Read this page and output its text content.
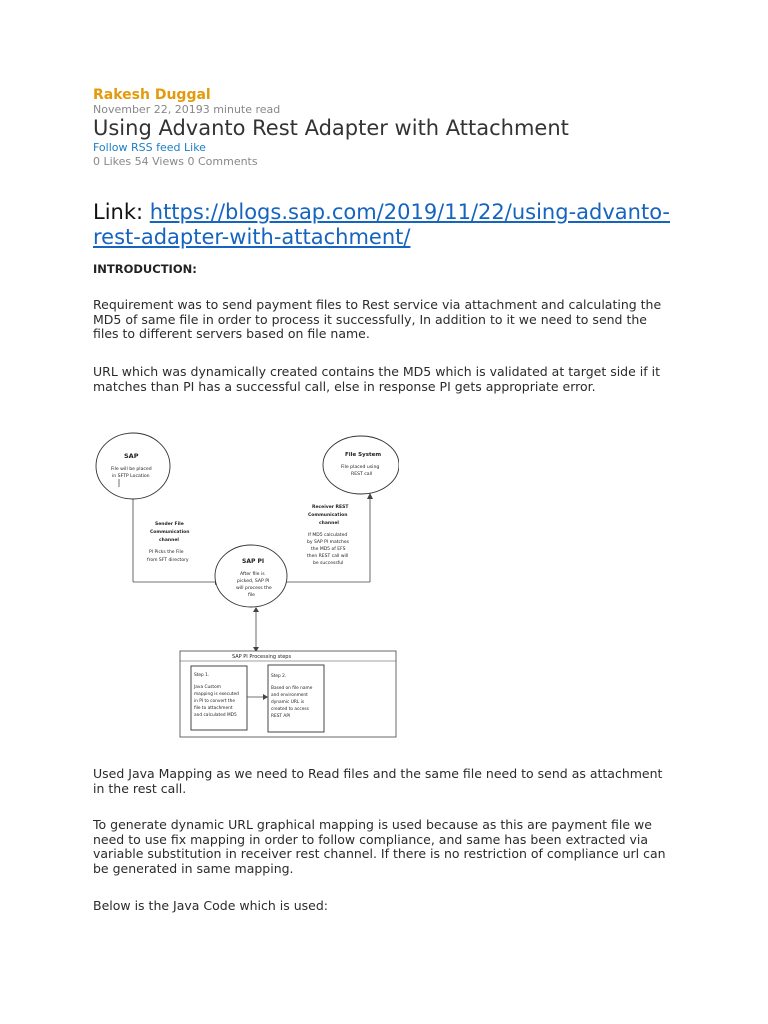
Rakesh Duggal
November 22, 20193 minute read
Using Advanto Rest Adapter with Attachment
Follow RSS feed Like
0 Likes 54 Views 0 Comments
Link: https://blogs.sap.com/2019/11/22/using-advanto-rest-adapter-with-attachment/
INTRODUCTION:

Requirement was to send payment files to Rest service via attachment and calculating the MD5 of same file in order to process it successfully, In addition to it we need to send the files to different servers based on file name.

URL which was dynamically created contains the MD5 which is validated at target side if it matches than PI has a successful call, else in response PI gets appropriate error.

SAP
File will be placed
in SFTP Location
File System
File placed using
REST call
Sender File
Communication
channel
PI Picks the File
from SFT directory
Receiver REST
Communication
channel
If MD5 calculated
by SAP PI matches
the MD5 of EFS
then REST call will
be successful
SAP PI
After file is
picked, SAP PI
will process the
file
SAP PI Processing steps
Step 1.
Java Custom
mapping is executed
in PI to convert the
file to attachment
and calculated MD5
Step 2.
Based on file name
and environment
dynamic URL is
created to access
REST API

Used Java Mapping as we need to Read files and the same file need to send as attachment in the rest call.

To generate dynamic URL graphical mapping is used because as this are payment file we need to use fix mapping in order to follow compliance, and same has been extracted via variable substitution in receiver rest channel. If there is no restriction of compliance url can be generated in same mapping.

Below is the Java Code which is used:
